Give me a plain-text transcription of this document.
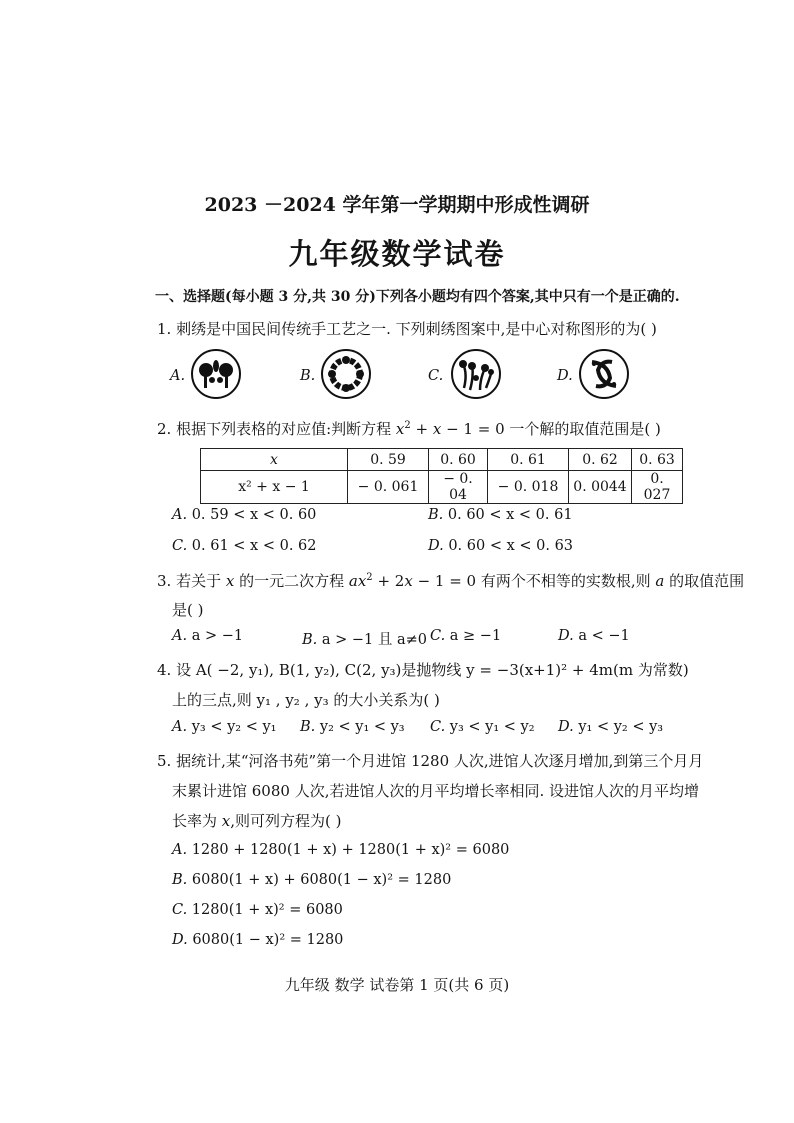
2023 －2024 学年第一学期期中形成性调研
九年级数学试卷
一、选择题(每小题 3 分,共 30 分)下列各小题均有四个答案,其中只有一个是正确的.
1. 刺绣是中国民间传统手工艺之一. 下列刺绣图案中,是中心对称图形的为( )
A.	B.	C.	D.
2. 根据下列表格的对应值:判断方程 $x^2 + x - 1 = 0$ 一个解的取值范围是( )
x	0. 59	0. 60	0. 61	0. 62	0. 63
x² + x − 1	− 0. 061	− 0. 04	− 0. 018	0. 0044	0. 027
A. 0. 59 < x < 0. 60	B. 0. 60 < x < 0. 61
C. 0. 61 < x < 0. 62	D. 0. 60 < x < 0. 63
3. 若关于 x 的一元二次方程 $ax^2 + 2x - 1 = 0$ 有两个不相等的实数根,则 a 的取值范围
是( )
A. a > −1	B. a > −1 且 a≠0 C. a ≥ −1	D. a < −1
4. 设 A( −2, y₁), B(1, y₂), C(2, y₃)是抛物线 y = −3(x+1)² + 4m(m 为常数)
上的三点,则 y₁ , y₂ , y₃ 的大小关系为( )
A. y₃ < y₂ < y₁ B. y₂ < y₁ < y₃ C. y₃ < y₁ < y₂ D. y₁ < y₂ < y₃
5. 据统计,某“河洛书苑”第一个月进馆 1280 人次,进馆人次逐月增加,到第三个月月
末累计进馆 6080 人次,若进馆人次的月平均增长率相同. 设进馆人次的月平均增
长率为 x,则可列方程为( )
A. 1280 + 1280(1 + x) + 1280(1 + x)² = 6080
B. 6080(1 + x) + 6080(1 − x)² = 1280
C. 1280(1 + x)² = 6080
D. 6080(1 − x)² = 1280
九年级 数学 试卷第 1 页(共 6 页)
